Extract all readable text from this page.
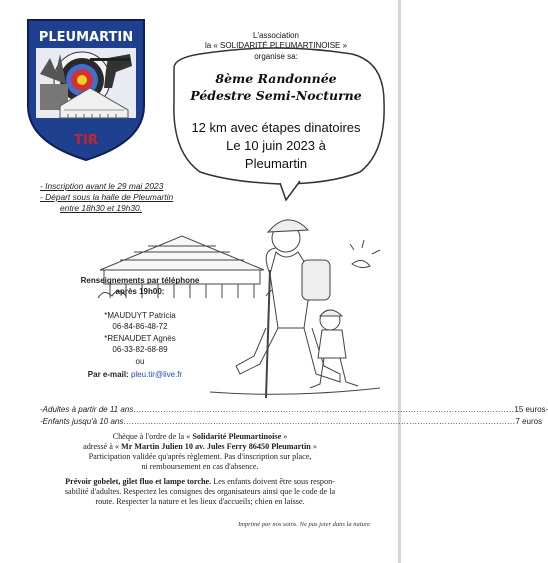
PLEUMARTIN
TIR
L'association
la « SOLIDARITÉ PLEUMARTINOISE »
organise sa:
8ème Randonnée
Pédestre Semi-Nocturne
12 km avec étapes dinatoires
Le 10 juin 2023 à
Pleumartin
- Inscription avant le 29 mai 2023
- Départ sous la halle de Pleumartin
entre 18h30 et 19h30.
Renseignements par téléphone
après 19h00:
*MAUDUYT Patricia
06-84-86-48-72
*RENAUDET Agnès
06-33-82-68-89
ou
Par e-mail: pleu.tir@live.fr
-Adultes à partir de 11 ans ............................................................................................................................................ 15 euros-
-Enfants jusqu'à 10 ans ................................................................................................................................................ 7 euros
Chèque à l'ordre de la « Solidarité Pleumartinoise »
adressé à « Mr Martin Julien 10 av. Jules Ferry 86450 Pleumartin »
Participation validée qu'après règlement. Pas d'inscription sur place,
ni remboursement en cas d'absence.
Prévoir gobelet, gilet fluo et lampe torche. Les enfants doivent être sous respon-
sabilité d'adultes. Respectez les consignes des organisateurs ainsi que le code de la
route. Respecter la nature et les lieux d'accueils; chien en laisse.
Imprimé par nos soins. Ne pas jeter dans la nature
